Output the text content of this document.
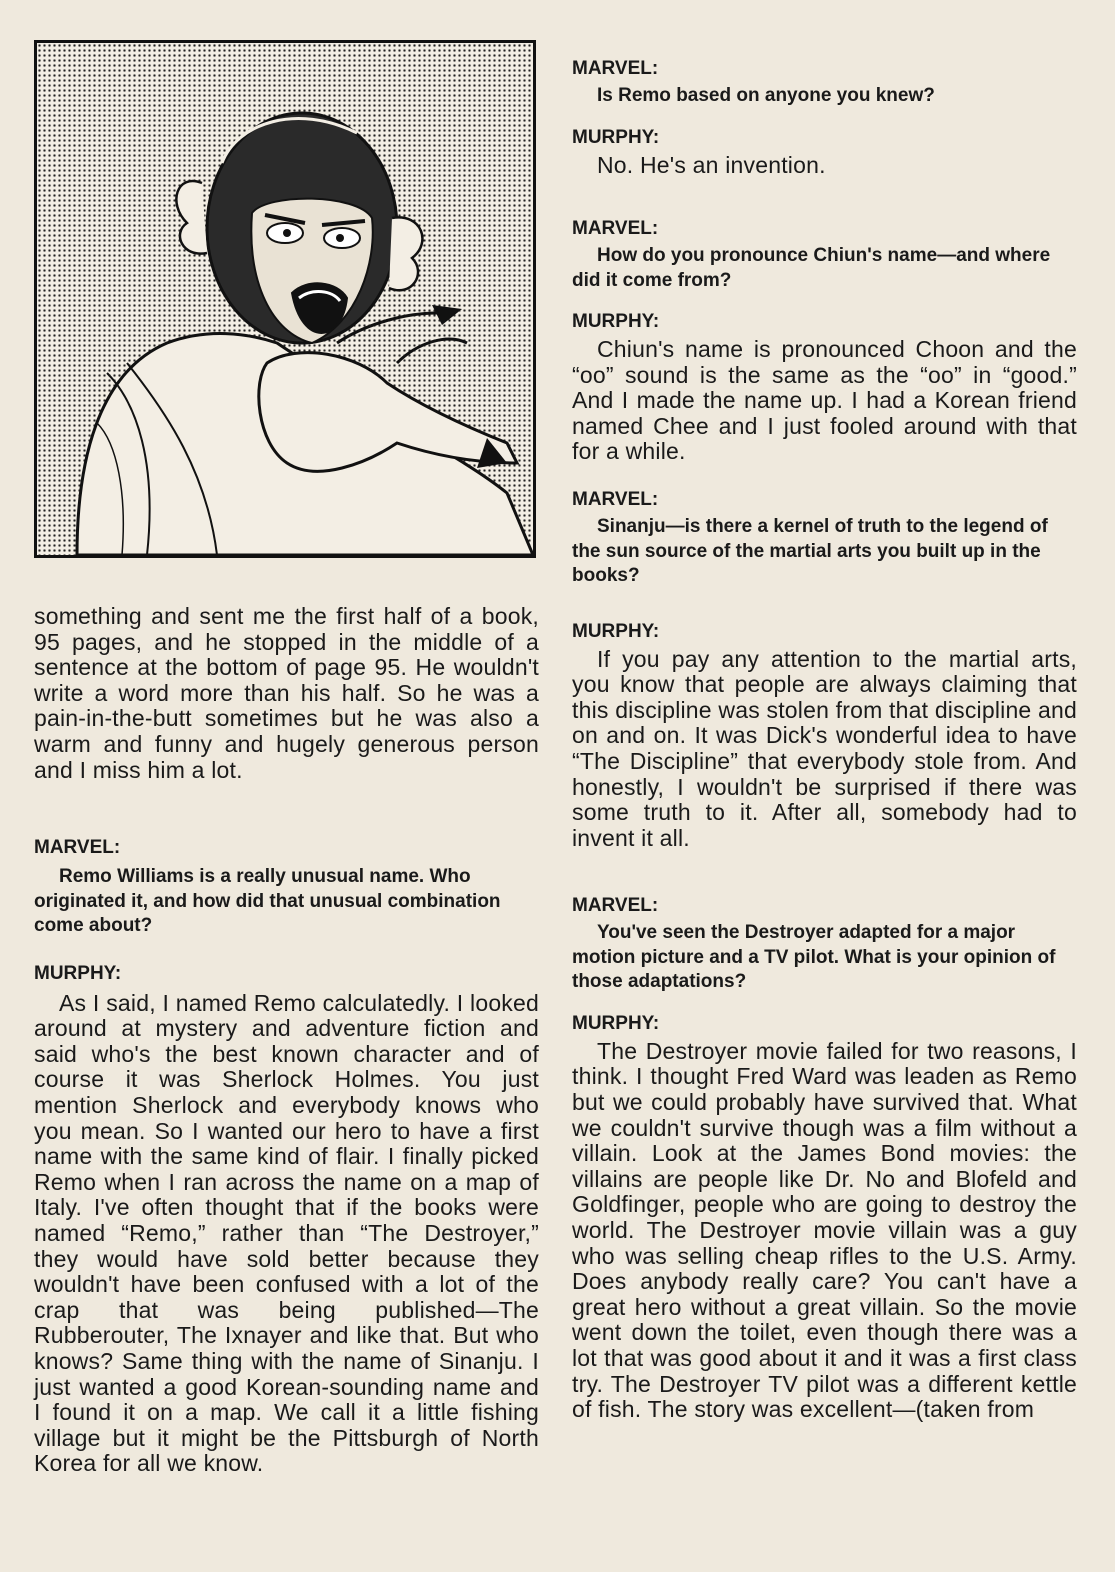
something and sent me the first half of a book, 95 pages, and he stopped in the middle of a sentence at the bottom of page 95. He wouldn't write a word more than his half. So he was a pain-in-the-butt sometimes but he was also a warm and funny and hugely generous person and I miss him a lot.

MARVEL:

Remo Williams is a really unusual name. Who originated it, and how did that unusual combination come about?

MURPHY:

As I said, I named Remo calculatedly. I looked around at mystery and adventure fiction and said who's the best known character and of course it was Sherlock Holmes. You just mention Sherlock and everybody knows who you mean. So I wanted our hero to have a first name with the same kind of flair. I finally picked Remo when I ran across the name on a map of Italy. I've often thought that if the books were named “Remo,” rather than “The Destroyer,” they would have sold better because they wouldn't have been confused with a lot of the crap that was being published—The Rubberouter, The Ixnayer and like that. But who knows? Same thing with the name of Sinanju. I just wanted a good Korean-sounding name and I found it on a map. We call it a little fishing village but it might be the Pittsburgh of North Korea for all we know.

MARVEL:

Is Remo based on anyone you knew?

MURPHY:

No. He's an invention.

MARVEL:

How do you pronounce Chiun's name—and where did it come from?

MURPHY:

Chiun's name is pronounced Choon and the “oo” sound is the same as the “oo” in “good.” And I made the name up. I had a Korean friend named Chee and I just fooled around with that for a while.

MARVEL:

Sinanju—is there a kernel of truth to the legend of the sun source of the martial arts you built up in the books?

MURPHY:

If you pay any attention to the martial arts, you know that people are always claiming that this discipline was stolen from that discipline and on and on. It was Dick's wonderful idea to have “The Discipline” that everybody stole from. And honestly, I wouldn't be surprised if there was some truth to it. After all, somebody had to invent it all.

MARVEL:

You've seen the Destroyer adapted for a major motion picture and a TV pilot. What is your opinion of those adaptations?

MURPHY:

The Destroyer movie failed for two reasons, I think. I thought Fred Ward was leaden as Remo but we could probably have survived that. What we couldn't survive though was a film without a villain. Look at the James Bond movies: the villains are people like Dr. No and Blofeld and Goldfinger, people who are going to destroy the world. The Destroyer movie villain was a guy who was selling cheap rifles to the U.S. Army. Does anybody really care? You can't have a great hero without a great villain. So the movie went down the toilet, even though there was a lot that was good about it and it was a first class try. The Destroyer TV pilot was a different kettle of fish. The story was excellent—(taken from
